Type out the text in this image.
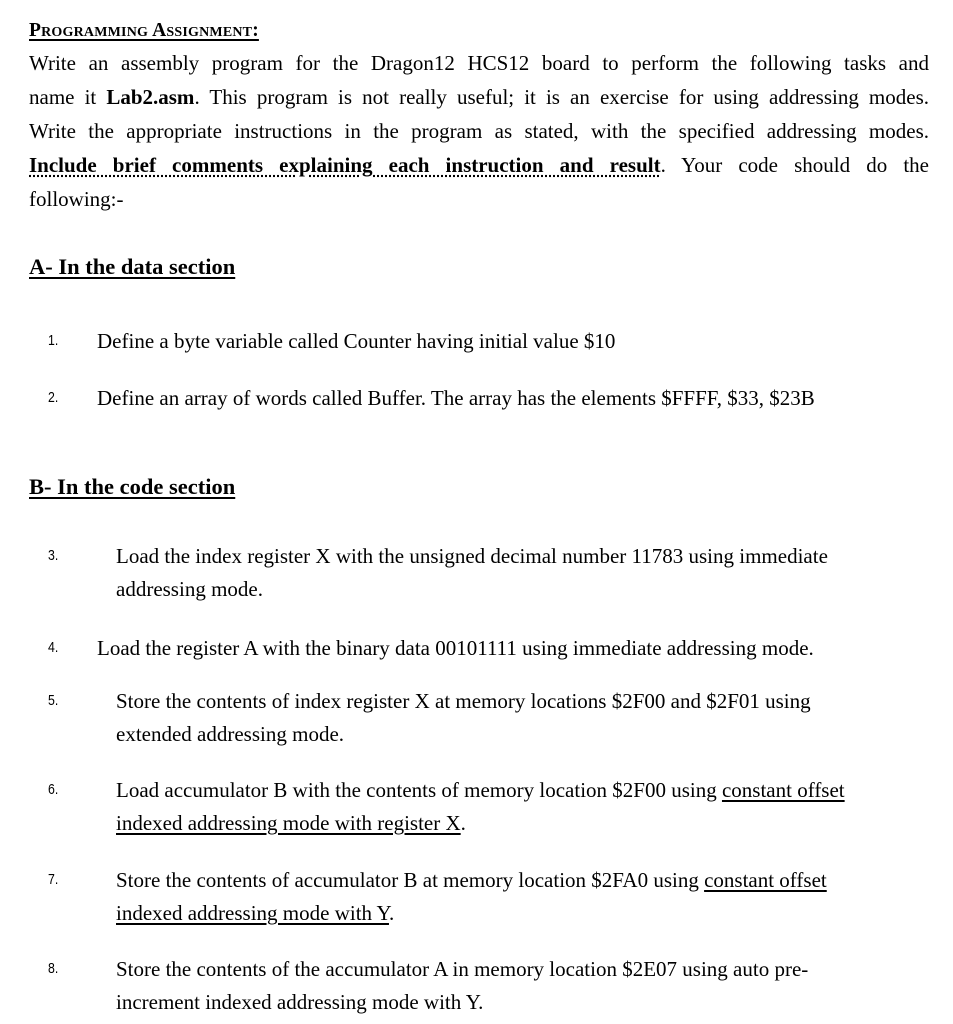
Programming Assignment:
Write an assembly program for the Dragon12 HCS12 board to perform the following tasks and
name it Lab2.asm. This program is not really useful; it is an exercise for using addressing modes.
Write the appropriate instructions in the program as stated, with the specified addressing modes.
Include brief comments explaining each instruction and result. Your code should do the
following:-
A- In the data section
1. Define a byte variable called Counter having initial value $10
2. Define an array of words called Buffer. The array has the elements $FFFF, $33, $23B
B- In the code section
3.	Load the index register X with the unsigned decimal number 11783 using immediate
addressing mode.
4. Load the register A with the binary data 00101111 using immediate addressing mode.
5.	Store the contents of index register X at memory locations $2F00 and $2F01 using
extended addressing mode.
6.	Load accumulator B with the contents of memory location $2F00 using constant offset
indexed addressing mode with register X.
7.	Store the contents of accumulator B at memory location $2FA0 using constant offset
indexed addressing mode with Y.
8.	Store the contents of the accumulator A in memory location $2E07 using auto pre-
increment indexed addressing mode with Y.
